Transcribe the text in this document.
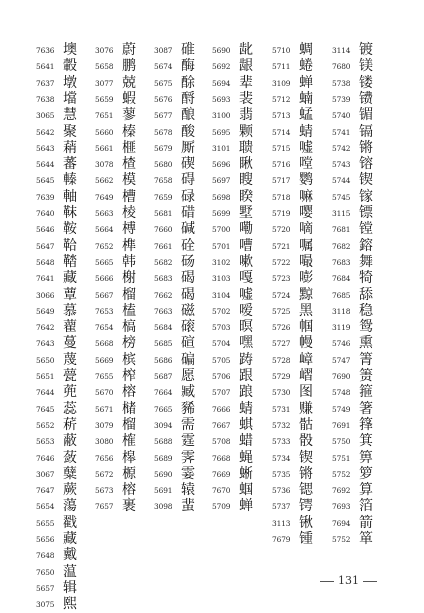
7636 墺
5641 轂
7637 墩
7638 壋
3065 慧
5642 聚
5643 蕱
5644 蕃
5645 轃
7639 軸
7640 靺
5646 鞍
5647 鞈
5648 鞜
7641 藏
3066 蕈
5649 慕
7642 藋
7643 蔓
5650 蔑
5651 甍
7644 蔸
7645 蕊
5652 菥
5653 蔽
7646 蔹
3067 糵
7647 蕨
5654 蕩
5655 戳
5656 藏
7648 戴
7650 蕰
5657 辑
3075 熙
3076 蔚
5658 鹏
3077 兢
5659 蝦
7651 蓼
5660 榛
5661 榧
3078 楂
5662 模
7649 槽
5663 棱
5664 榑
7652 榫
5665 韩
5666 榭
5667 榴
7653 榼
7654 槁
5668 榜
5669 槟
7655 榨
5670 榕
5671 槠
3079 榴
3080 榷
7656 槔
5672 榞
5673 榕
7657 裹
3087 碓
5674 酶
5675 酴
5676 酹
5677 酿
5678 酸
5679 厮
5680 碶
7658 碍
7659 碌
5681 碏
7660 碱
7661 硂
5682 砀
5683 碣
7662 碣
7663 磁
5684 磙
5685 碹
5686 碥
5687 愿
7664 臧
7665 豨
3094 需
5688 霆
5689 霁
5690 霎
5691 辕
3098 蜚
5690 龀
5692 龈
5694 辈
5693 裴
3100 翡
5695 颗
3101 聩
5696 瞅
5697 瞍
5698 睽
5699 墅
5700 嘞
5701 嘈
3102 嗽
3103 嘎
3104 嘘
5702 嗳
5703 暝
5704 嘿
5705 踌
5706 跟
5707 踉
7666 蜻
7667 蜞
5708 蜡
7668 蝇
7669 蜥
7670 蝈
5709 蝉
5710 蜩
5711 蜷
3109 蝉
5712 蝻
5713 蜢
5714 蜻
5715 嘘
5716 嘡
5717 鹦
5718 嘛
5719 嘤
5720 嘀
5721 嘱
5722 嘬
5723 嘭
5724 黥
5725 黑
5726 帼
5727 幔
5728 嶂
5729 嶍
5730 图
5731 赚
5732 骷
5733 骰
5734 锲
5735 锵
5736 锶
5737 锷
3113 锹
7679 锺
3114 镀
7680 镁
5738 镂
5739 镄
5740 镅
5741 镉
5742 锵
5743 镕
5744 锲
5745 镓
3115 镖
7681 镗
7682 鎔
7683 舞
7684 犄
7685 舔
3118 稳
3119 鸳
5746 熏
5747 箐
7690 箦
5748 箍
5749 箸
7691 箨
5750 箕
5751 箅
5752 箩
7692 算
7693 箔
7694 箭
5752 箪
131
